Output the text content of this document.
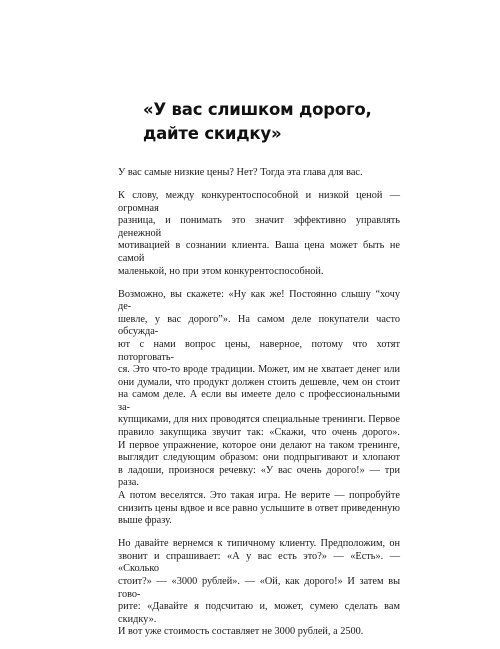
«У вас слишком дорого,
дайте скидку»

У вас самые низкие цены? Нет? Тогда эта глава для вас.

К слову, между конкурентоспособной и низкой ценой — огромная
разница, и понимать это значит эффективно управлять денежной
мотивацией в сознании клиента. Ваша цена может быть не самой
маленькой, но при этом конкурентоспособной.

Возможно, вы скажете: «Ну как же! Постоянно слышу “хочу де-
шевле, у вас дорого”». На самом деле покупатели часто обсужда-
ют с нами вопрос цены, наверное, потому что хотят поторговать-
ся. Это что-то вроде традиции. Может, им не хватает денег или
они думали, что продукт должен стоить дешевле, чем он стоит
на самом деле. А если вы имеете дело с профессиональными за-
купщиками, для них проводятся специальные тренинги. Первое
правило закупщика звучит так: «Скажи, что очень дорого».
И первое упражнение, которое они делают на таком тренинге,
выглядит следующим образом: они подпрыгивают и хлопают
в ладоши, произнося речевку: «У вас очень дорого!» — три раза.
А потом веселятся. Это такая игра. Не верите — попробуйте
снизить цены вдвое и все равно услышите в ответ приведенную
выше фразу.

Но давайте вернемся к типичному клиенту. Предположим, он
звонит и спрашивает: «А у вас есть это?» — «Есть». — «Сколько
стоит?» — «3000 рублей». — «Ой, как дорого!» И затем вы гово-
рите: «Давайте я подсчитаю и, может, сумею сделать вам скидку».
И вот уже стоимость составляет не 3000 рублей, а 2500.
